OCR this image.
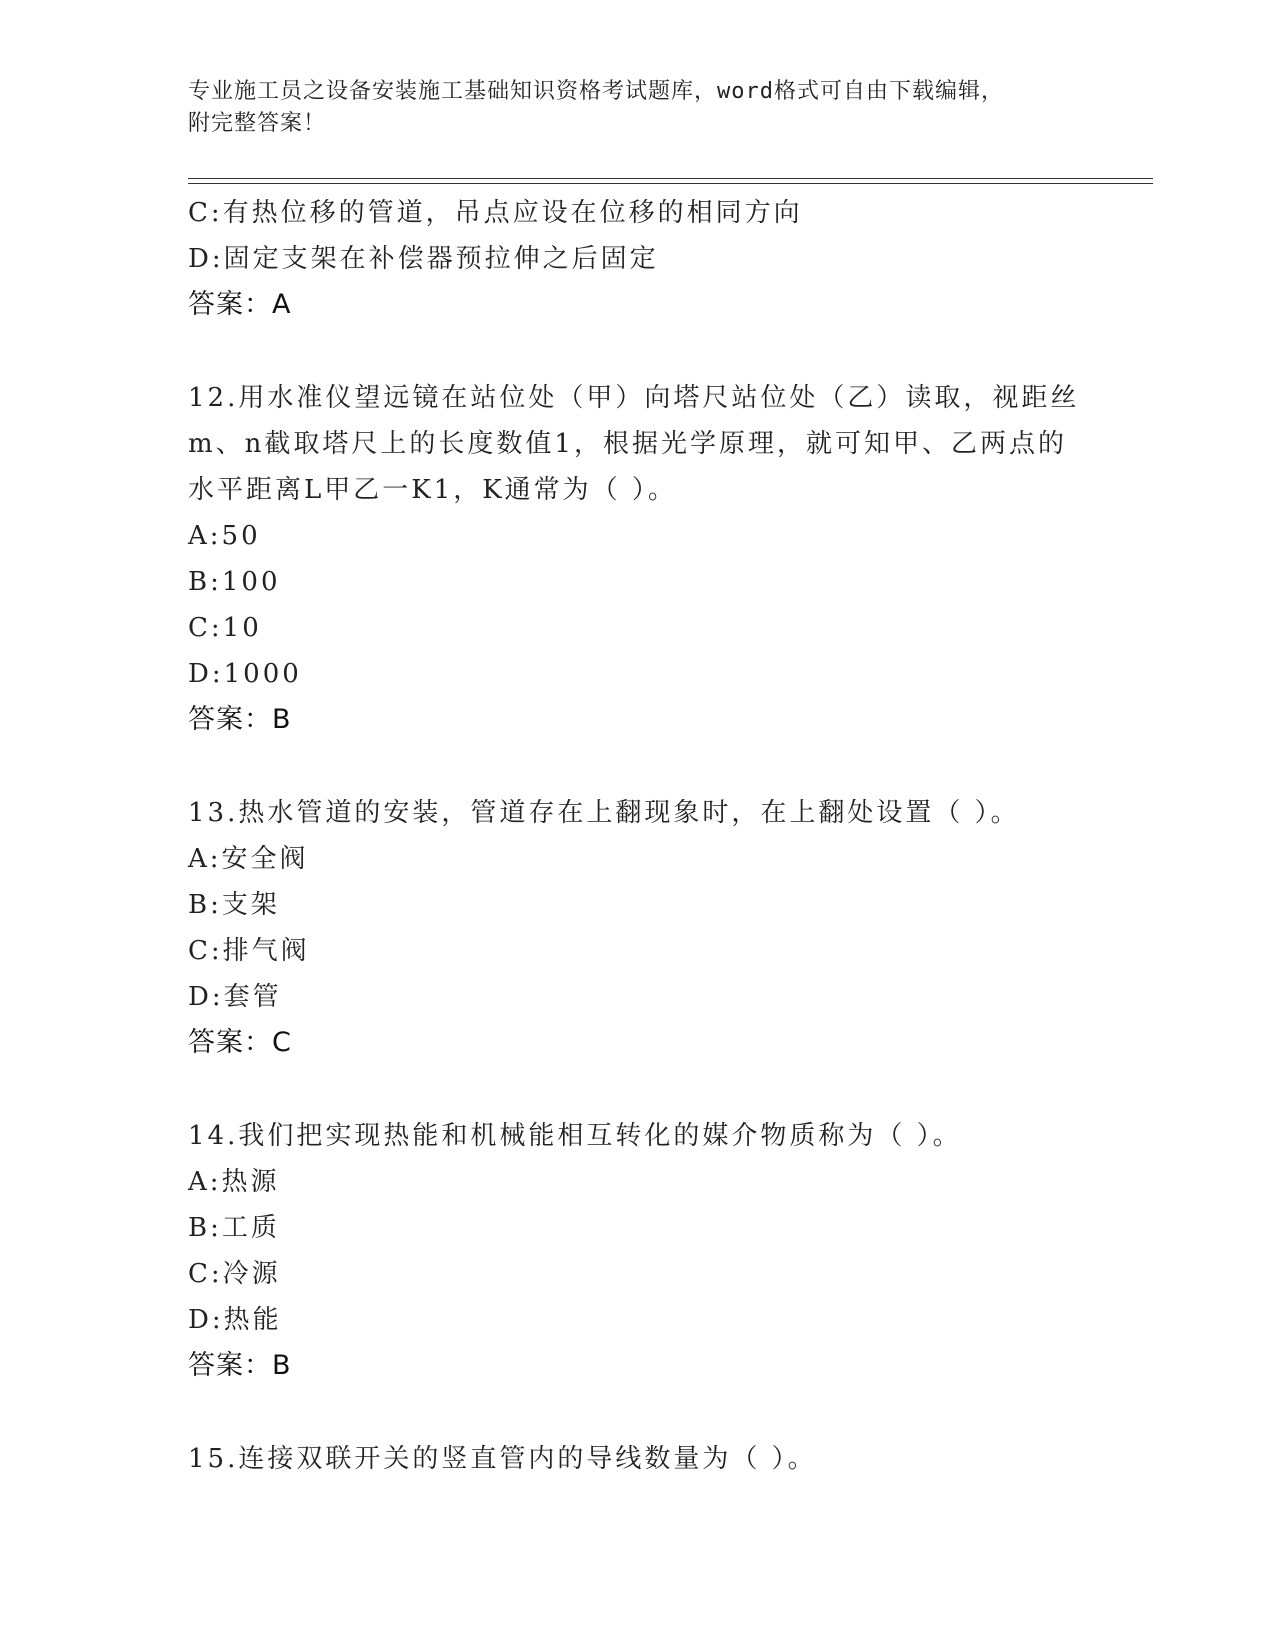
专业施工员之设备安装施工基础知识资格考试题库，word格式可自由下载编辑，
附完整答案！
C:有热位移的管道，吊点应设在位移的相同方向
D:固定支架在补偿器预拉伸之后固定
答案：A
12.用水准仪望远镜在站位处（甲）向塔尺站位处（乙）读取，视距丝
m、n截取塔尺上的长度数值1，根据光学原理，就可知甲、乙两点的
水平距离L甲乙一K1，K通常为（ ）。
A:50
B:100
C:10
D:1000
答案：B
13.热水管道的安装，管道存在上翻现象时，在上翻处设置（ ）。
A:安全阀
B:支架
C:排气阀
D:套管
答案：C
14.我们把实现热能和机械能相互转化的媒介物质称为（ ）。
A:热源
B:工质
C:冷源
D:热能
答案：B
15.连接双联开关的竖直管内的导线数量为（ ）。
